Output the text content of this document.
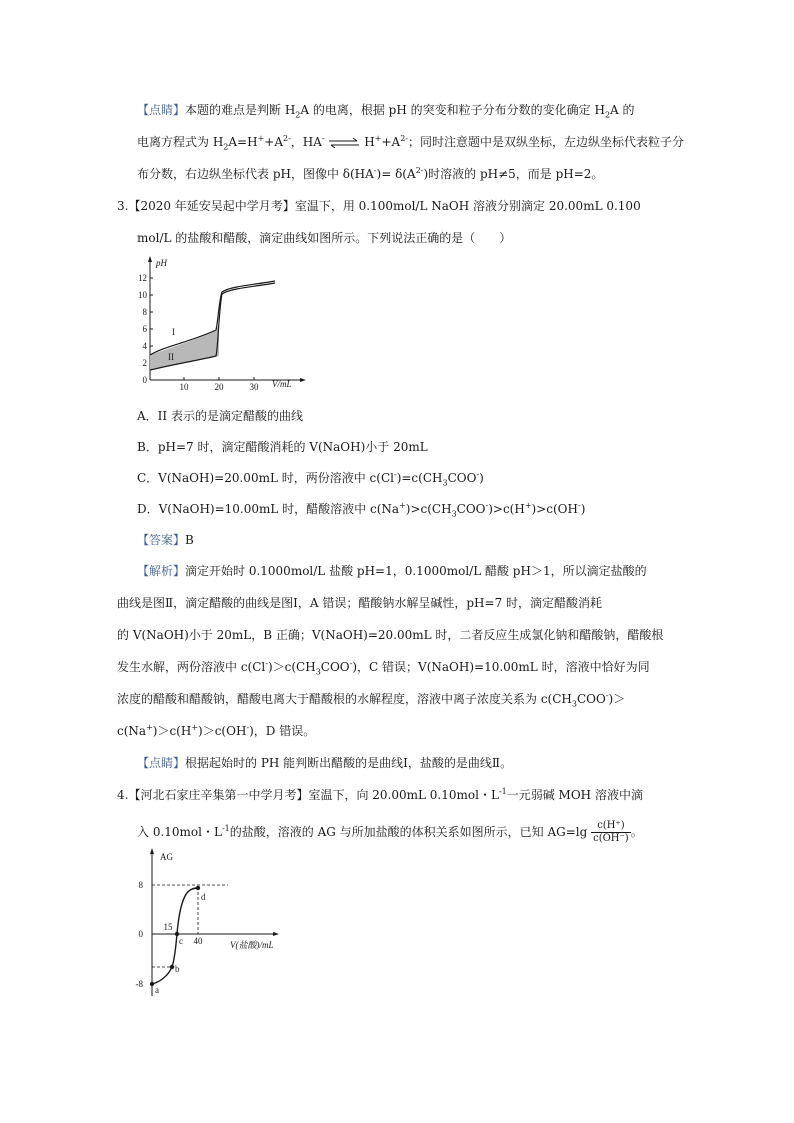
【点睛】本题的难点是判断 $H_2A$ 的电离，根据 pH 的突变和粒子分布分数的变化确定 $H_2A$ 的
电离方程式为 $H_2A=H^++A^{2-}$，HA- ⇌ $H^++A^{2-}$；同时注意题中是双纵坐标，左边纵坐标代表粒子分
布分数，右边纵坐标代表 pH，图像中 $\delta(HA^-)= \delta(A^{2-})$时溶液的 pH≠5，而是 pH=2。
3.【2020 年延安吴起中学月考】室温下，用 0.100mol/L NaOH 溶液分别滴定 20.00mL 0.100
mol/L 的盐酸和醋酸，滴定曲线如图所示。下列说法正确的是（　　）
pH
V/mL
12
10
8
6
4
2
0
10	20	30
I
II
A．II 表示的是滴定醋酸的曲线
B．pH=7 时，滴定醋酸消耗的 V(NaOH)小于 20mL
C．V(NaOH)=20.00mL 时，两份溶液中 $c(Cl^-)=c(CH_3COO^-)$
D．V(NaOH)=10.00mL 时，醋酸溶液中 $c(Na^+)>c(CH_3COO^-)>c(H^+)>c(OH^-)$
【答案】B
【解析】滴定开始时 0.1000mol/L 盐酸 pH=1，0.1000mol/L 醋酸 pH＞1，所以滴定盐酸的
曲线是图Ⅱ，滴定醋酸的曲线是图Ⅰ，A 错误；醋酸钠水解呈碱性，pH=7 时，滴定醋酸消耗
的 V(NaOH)小于 20mL，B 正确；V(NaOH)=20.00mL 时，二者反应生成氯化钠和醋酸钠，醋酸根
发生水解，两份溶液中 $c(Cl^-)>c(CH_3COO^-)$，C 错误；V(NaOH)=10.00mL 时，溶液中恰好为同
浓度的醋酸和醋酸钠，醋酸电离大于醋酸根的水解程度，溶液中离子浓度关系为 $c(CH_3COO^-)>$
c(Na+)＞c(H+)＞c(OH-)，D 错误。
【点睛】根据起始时的 PH 能判断出醋酸的是曲线Ⅰ，盐酸的是曲线Ⅱ。
4.【河北石家庄辛集第一中学月考】室温下，向 20.00mL 0.10mol・$L^{-1}$一元弱碱 MOH 溶液中滴
入 0.10mol・$L^{-1}$的盐酸，溶液的 AG 与所加盐酸的体积关系如图所示，已知 $AG=\lg \frac{c(H^+)}{c(OH^-)}$ 。
AG
V(盐酸)/mL
8
0
-8
15
40
a
b
c
d
